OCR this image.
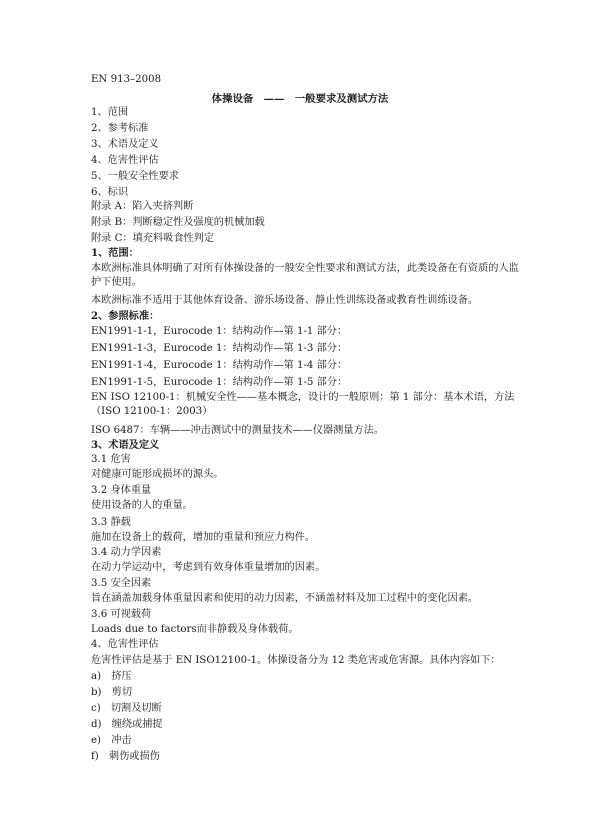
EN 913–2008
体操设备　——　一般要求及测试方法
1、范围
2、参考标准
3、术语及定义
4、危害性评估
5、一般安全性要求
6、标识
附录 A：陷入夹挤判断
附录 B：判断稳定性及强度的机械加载
附录 C：填充料吸食性判定
1、范围：
本欧洲标准具体明确了对所有体操设备的一般安全性要求和测试方法，此类设备在有资质的人监护下使用。
本欧洲标准不适用于其他体育设备、游乐场设备、静止性训练设备或教育性训练设备。
2、参照标准：
EN1991-1-1，Eurocode 1：结构动作—第 1-1 部分：
EN1991-1-3，Eurocode 1：结构动作—第 1-3 部分：
EN1991-1-4，Eurocode 1：结构动作—第 1-4 部分：
EN1991-1-5，Eurocode 1：结构动作—第 1-5 部分：
EN ISO 12100-1：机械安全性——基本概念，设计的一般原则：第 1 部分：基本术语，方法（ISO 12100-1：2003）
ISO 6487：车辆——冲击测试中的测量技术——仪器测量方法。
3、术语及定义
3.1 危害
对健康可能形成损坏的源头。
3.2 身体重量
使用设备的人的重量。
3.3 静载
施加在设备上的载荷，增加的重量和预应力构件。
3.4 动力学因素
在动力学运动中，考虑到有效身体重量增加的因素。
3.5 安全因素
旨在涵盖加载身体重量因素和使用的动力因素，不涵盖材料及加工过程中的变化因素。
3.6 可视载荷
Loads due to factors而非静载及身体载荷。
4、危害性评估
危害性评估是基于 EN ISO12100-1。体操设备分为 12 类危害或危害源。具体内容如下：
a)　挤压
b)　剪切
c)　切割及切断
d)　缠绕或捕捉
e)　冲击
f)　刺伤或损伤
